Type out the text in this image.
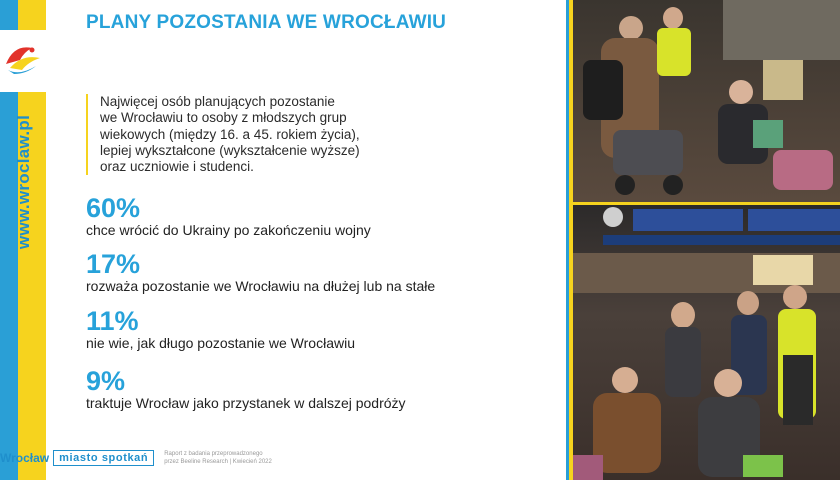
www.wroclaw.pl
PLANY POZOSTANIA WE WROCŁAWIU
Najwięcej osób planujących pozostanie
we Wrocławiu to osoby z młodszych grup
wiekowych (między 16. a 45. rokiem życia),
lepiej wykształcone (wykształcenie wyższe)
oraz uczniowie i studenci.
60%
chce wrócić do Ukrainy po zakończeniu wojny
17%
rozważa pozostanie we Wrocławiu na dłużej lub na stałe
11%
nie wie, jak długo pozostanie we Wrocławiu
9%
traktuje Wrocław jako przystanek w dalszej podróży
Wrocław miasto spotkań	Raport z badania przeprowadzonego
przez Beeline Research | Kwiecień 2022
